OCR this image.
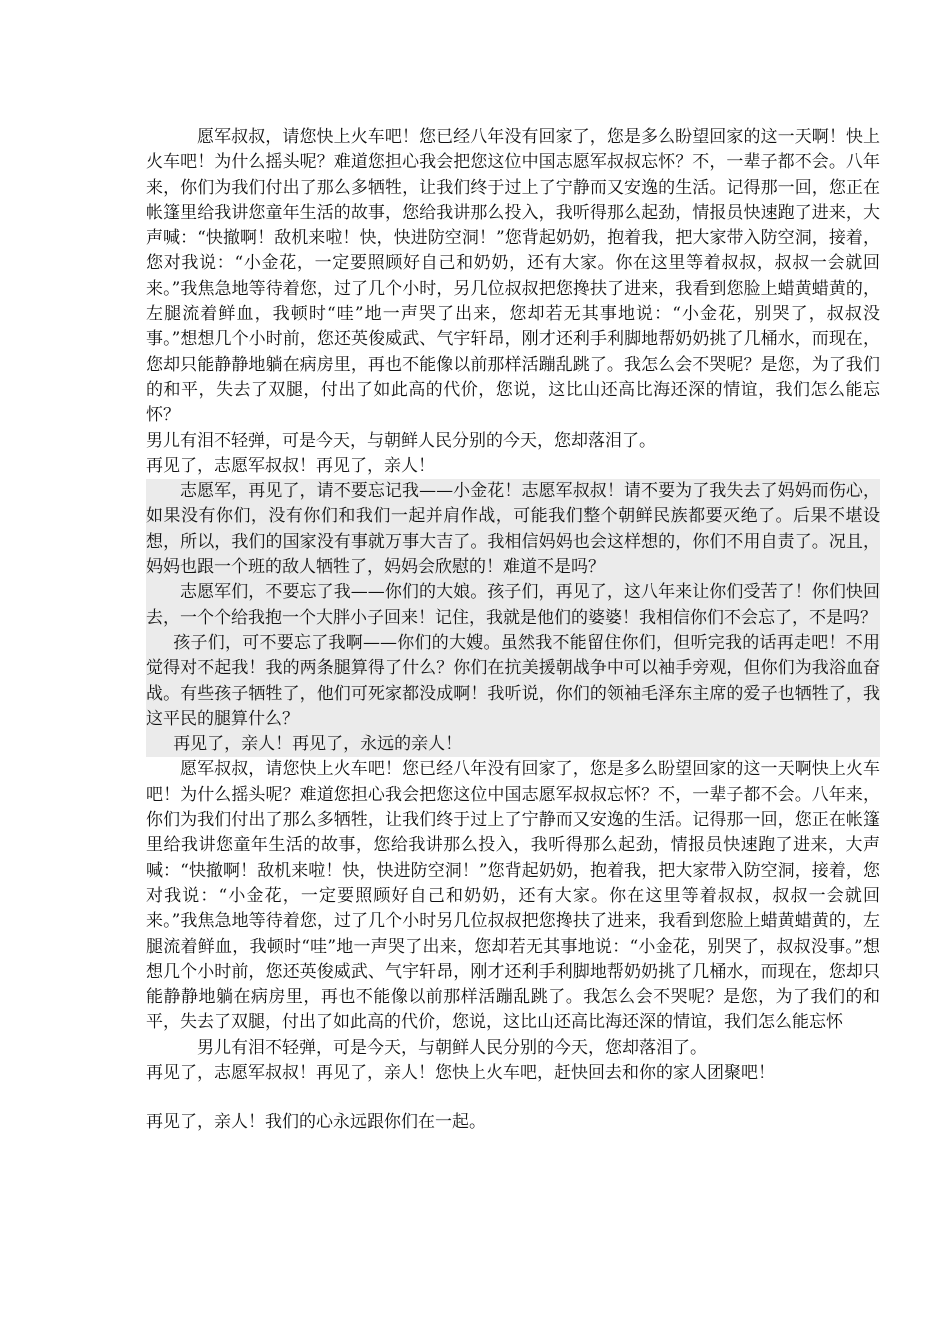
愿军叔叔，请您快上火车吧！您已经八年没有回家了，您是多么盼望回家的这一天啊！快上火车吧！为什么摇头呢？难道您担心我会把您这位中国志愿军叔叔忘怀？不，一辈子都不会。八年来，你们为我们付出了那么多牺牲，让我们终于过上了宁静而又安逸的生活。记得那一回，您正在帐篷里给我讲您童年生活的故事，您给我讲那么投入，我听得那么起劲，情报员快速跑了进来，大声喊：“快撤啊！敌机来啦！快，快进防空洞！”您背起奶奶，抱着我，把大家带入防空洞，接着，您对我说：“小金花，一定要照顾好自己和奶奶，还有大家。你在这里等着叔叔，叔叔一会就回来。”我焦急地等待着您，过了几个小时，另几位叔叔把您搀扶了进来，我看到您脸上蜡黄蜡黄的，左腿流着鲜血，我顿时“哇”地一声哭了出来，您却若无其事地说：“小金花，别哭了，叔叔没事。”想想几个小时前，您还英俊威武、气宇轩昂，刚才还利手利脚地帮奶奶挑了几桶水，而现在，您却只能静静地躺在病房里，再也不能像以前那样活蹦乱跳了。我怎么会不哭呢？是您，为了我们的和平，失去了双腿，付出了如此高的代价，您说，这比山还高比海还深的情谊，我们怎么能忘怀？

男儿有泪不轻弹，可是今天，与朝鲜人民分别的今天，您却落泪了。

再见了，志愿军叔叔！再见了，亲人！

志愿军，再见了，请不要忘记我——小金花！志愿军叔叔！请不要为了我失去了妈妈而伤心，如果没有你们，没有你们和我们一起并肩作战，可能我们整个朝鲜民族都要灭绝了。后果不堪设想，所以，我们的国家没有事就万事大吉了。我相信妈妈也会这样想的，你们不用自责了。况且，妈妈也跟一个班的敌人牺牲了，妈妈会欣慰的！难道不是吗？

志愿军们，不要忘了我——你们的大娘。孩子们，再见了，这八年来让你们受苦了！你们快回去，一个个给我抱一个大胖小子回来！记住，我就是他们的婆婆！我相信你们不会忘了，不是吗？

孩子们，可不要忘了我啊——你们的大嫂。虽然我不能留住你们，但听完我的话再走吧！不用觉得对不起我！我的两条腿算得了什么？你们在抗美援朝战争中可以袖手旁观，但你们为我浴血奋战。有些孩子牺牲了，他们可死家都没成啊！我听说，你们的领袖毛泽东主席的爱子也牺牲了，我这平民的腿算什么？

再见了，亲人！再见了，永远的亲人！

愿军叔叔，请您快上火车吧！您已经八年没有回家了，您是多么盼望回家的这一天啊快上火车吧！为什么摇头呢？难道您担心我会把您这位中国志愿军叔叔忘怀？不，一辈子都不会。八年来，你们为我们付出了那么多牺牲，让我们终于过上了宁静而又安逸的生活。记得那一回，您正在帐篷里给我讲您童年生活的故事，您给我讲那么投入，我听得那么起劲，情报员快速跑了进来，大声喊：“快撤啊！敌机来啦！快，快进防空洞！”您背起奶奶，抱着我，把大家带入防空洞，接着，您对我说：“小金花，一定要照顾好自己和奶奶，还有大家。你在这里等着叔叔，叔叔一会就回来。”我焦急地等待着您，过了几个小时另几位叔叔把您搀扶了进来，我看到您脸上蜡黄蜡黄的，左腿流着鲜血，我顿时“哇”地一声哭了出来，您却若无其事地说：“小金花，别哭了，叔叔没事。”想想几个小时前，您还英俊威武、气宇轩昂，刚才还利手利脚地帮奶奶挑了几桶水，而现在，您却只能静静地躺在病房里，再也不能像以前那样活蹦乱跳了。我怎么会不哭呢？是您，为了我们的和平，失去了双腿，付出了如此高的代价，您说，这比山还高比海还深的情谊，我们怎么能忘怀

男儿有泪不轻弹，可是今天，与朝鲜人民分别的今天，您却落泪了。

再见了，志愿军叔叔！再见了，亲人！您快上火车吧，赶快回去和你的家人团聚吧！

再见了，亲人！我们的心永远跟你们在一起。
